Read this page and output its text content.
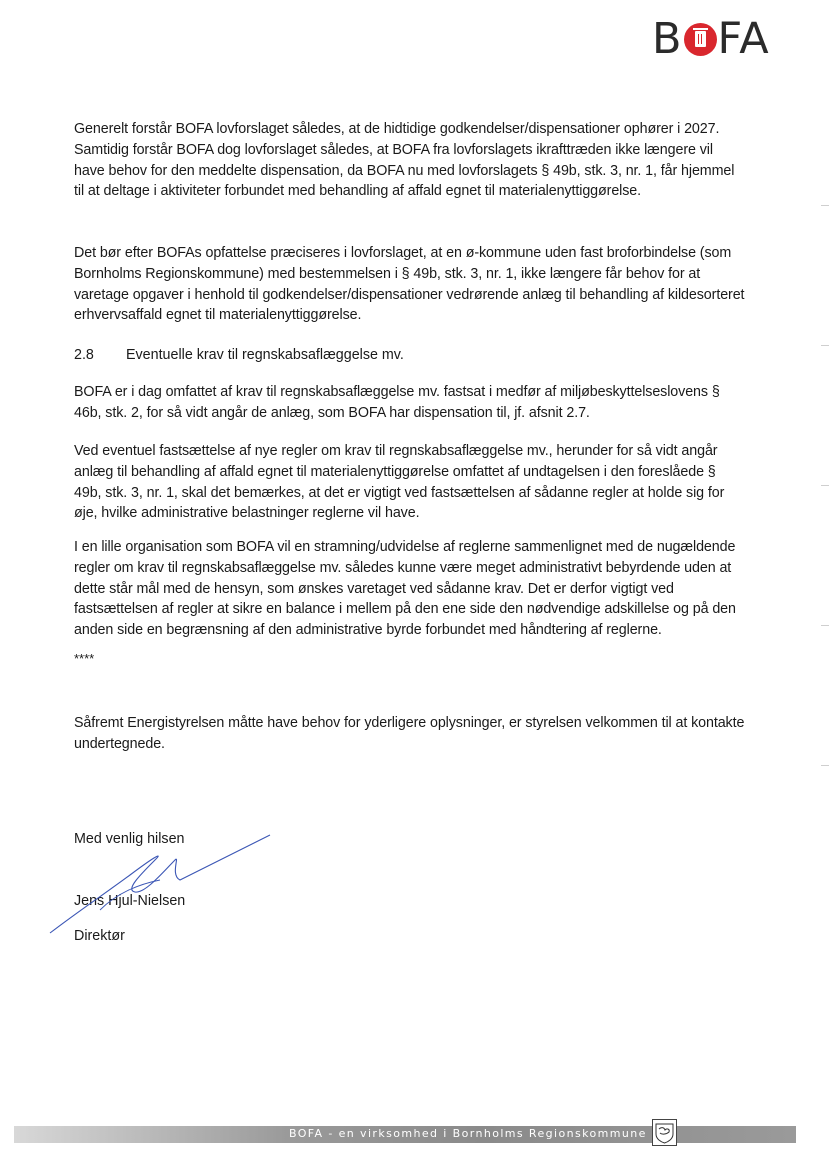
B FA

Generelt forstår BOFA lovforslaget således, at de hidtidige godkendelser/dispensationer ophører i 2027. Samtidig forstår BOFA dog lovforslaget således, at BOFA fra lovforslagets ikrafttræden ikke længere vil have behov for den meddelte dispensation, da BOFA nu med lovforslagets § 49b, stk. 3, nr. 1, får hjemmel til at deltage i aktiviteter forbundet med behandling af affald egnet til materialenyttiggørelse.

Det bør efter BOFAs opfattelse præciseres i lovforslaget, at en ø-kommune uden fast broforbindelse (som Bornholms Regionskommune) med bestemmelsen i § 49b, stk. 3, nr. 1, ikke længere får behov for at varetage opgaver i henhold til godkendelser/dispensationer vedrørende anlæg til behandling af kildesorteret erhvervsaffald egnet til materialenyttiggørelse.

2.8 Eventuelle krav til regnskabsaflæggelse mv.

BOFA er i dag omfattet af krav til regnskabsaflæggelse mv. fastsat i medfør af miljøbeskyttelseslovens § 46b, stk. 2, for så vidt angår de anlæg, som BOFA har dispensation til, jf. afsnit 2.7.

Ved eventuel fastsættelse af nye regler om krav til regnskabsaflæggelse mv., herunder for så vidt angår anlæg til behandling af affald egnet til materialenyttiggørelse omfattet af undtagelsen i den foreslåede § 49b, stk. 3, nr. 1, skal det bemærkes, at det er vigtigt ved fastsættelsen af sådanne regler at holde sig for øje, hvilke administrative belastninger reglerne vil have.

I en lille organisation som BOFA vil en stramning/udvidelse af reglerne sammenlignet med de nugældende regler om krav til regnskabsaflæggelse mv. således kunne være meget administrativt bebyrdende uden at dette står mål med de hensyn, som ønskes varetaget ved sådanne krav. Det er derfor vigtigt ved fastsættelsen af regler at sikre en balance i mellem på den ene side den nødvendige adskillelse og på den anden side en begrænsning af den administrative byrde forbundet med håndtering af reglerne.

****

Såfremt Energistyrelsen måtte have behov for yderligere oplysninger, er styrelsen velkommen til at kontakte undertegnede.

Med venlig hilsen
Jens Hjul-Nielsen
Direktør
BOFA - en virksomhed i Bornholms Regionskommune
